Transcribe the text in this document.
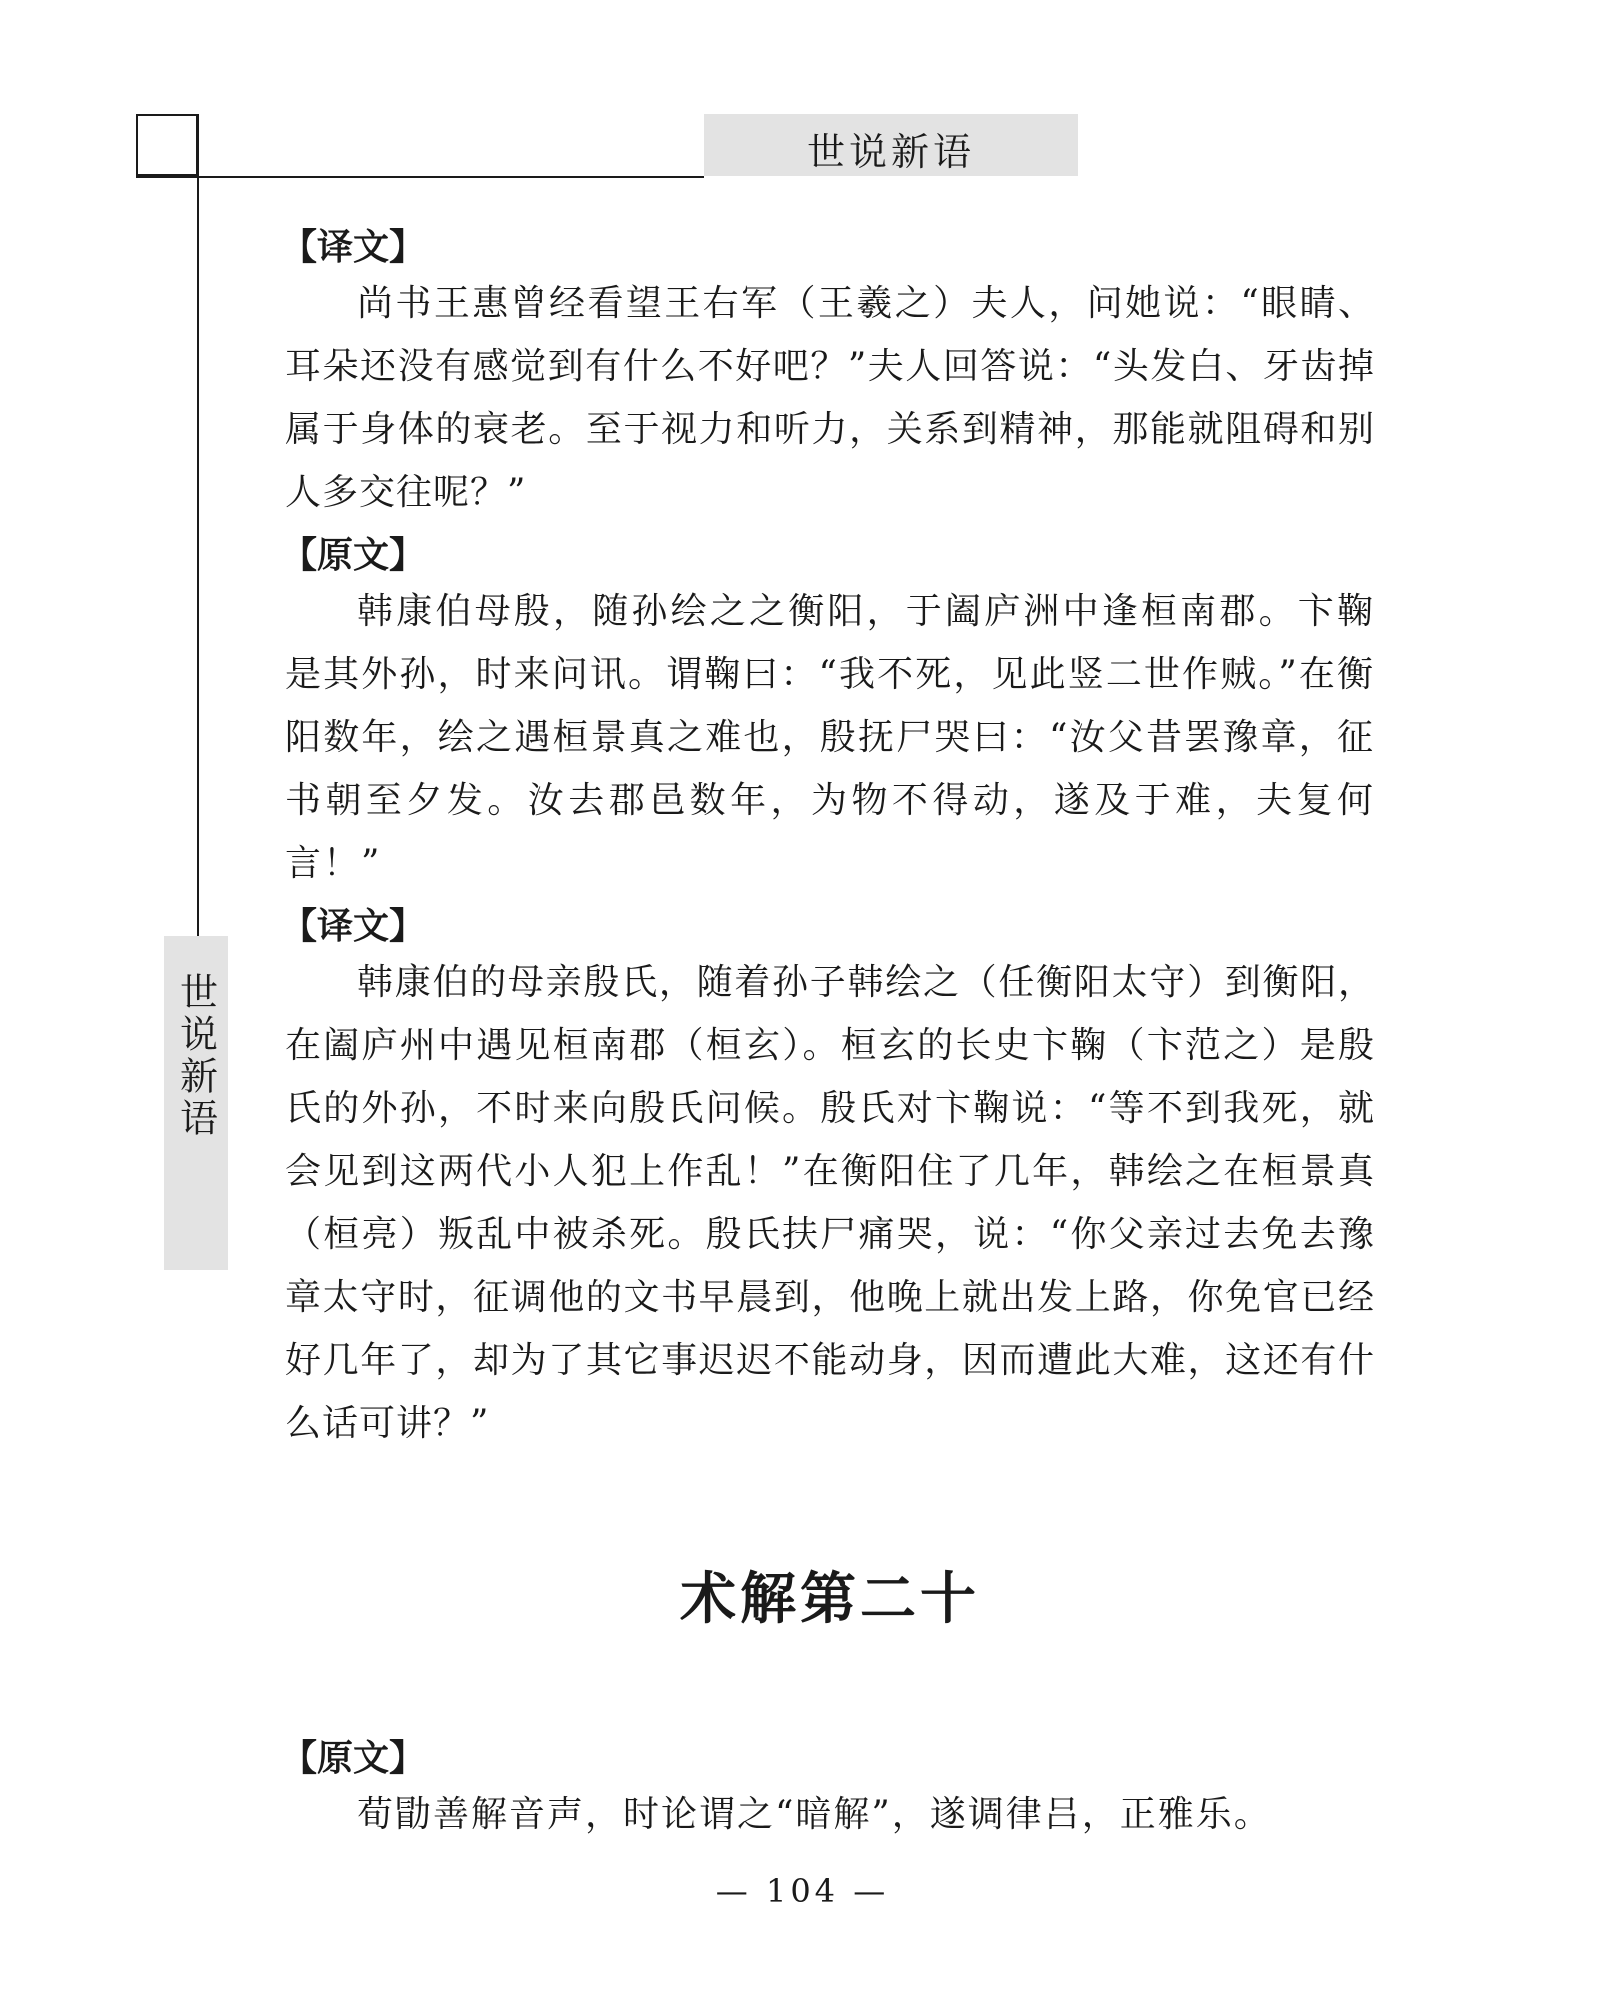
世说新语
世说新语
【译文】

尚书王惠曾经看望王右军（王羲之）夫人，问她说：“眼睛、耳朵还没有感觉到有什么不好吧？”夫人回答说：“头发白、牙齿掉属于身体的衰老。至于视力和听力，关系到精神，那能就阻碍和别人多交往呢？”

【原文】

韩康伯母殷，随孙绘之之衡阳，于阖庐洲中逢桓南郡。卞鞠是其外孙，时来问讯。谓鞠曰：“我不死，见此竖二世作贼。”在衡阳数年，绘之遇桓景真之难也，殷抚尸哭曰：“汝父昔罢豫章，征书朝至夕发。汝去郡邑数年，为物不得动，遂及于难，夫复何言！”

【译文】

韩康伯的母亲殷氏，随着孙子韩绘之（任衡阳太守）到衡阳，在阖庐州中遇见桓南郡（桓玄）。桓玄的长史卞鞠（卞范之）是殷氏的外孙，不时来向殷氏问候。殷氏对卞鞠说：“等不到我死，就会见到这两代小人犯上作乱！”在衡阳住了几年，韩绘之在桓景真（桓亮）叛乱中被杀死。殷氏扶尸痛哭，说：“你父亲过去免去豫章太守时，征调他的文书早晨到，他晚上就出发上路，你免官已经好几年了，却为了其它事迟迟不能动身，因而遭此大难，这还有什么话可讲？”

术解第二十
【原文】

荀勖善解音声，时论谓之“暗解”，遂调律吕，正雅乐。

— 104 —
